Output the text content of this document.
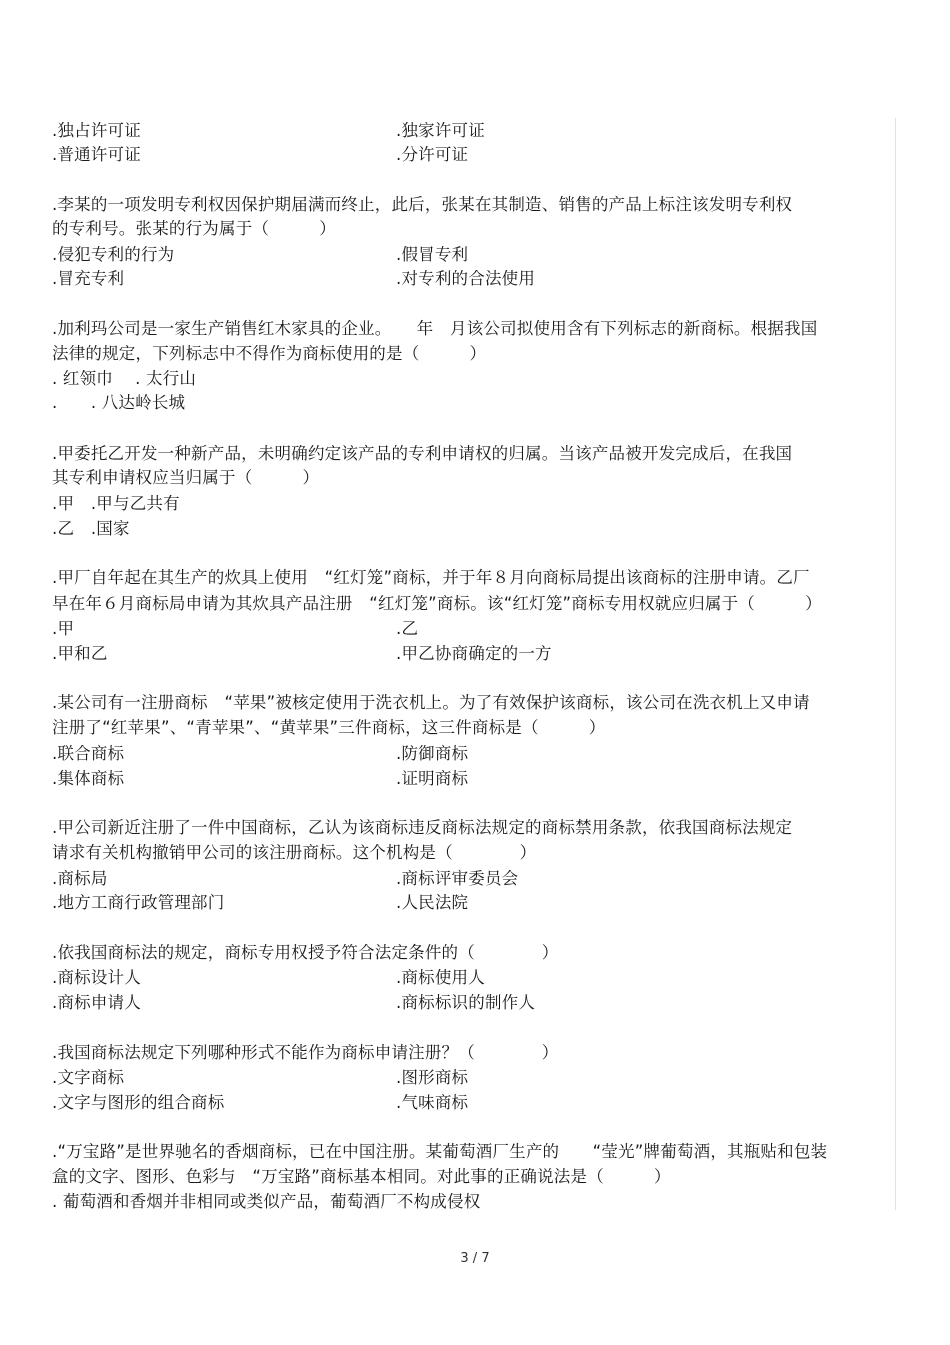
.独占许可证	.独家许可证
.普通许可证	.分许可证
.李某的一项发明专利权因保护期届满而终止，此后，张某在其制造、销售的产品上标注该发明专利权
的专利号。张某的行为属于（　　　）
.侵犯专利的行为	.假冒专利
.冒充专利	.对专利的合法使用
.加利玛公司是一家生产销售红木家具的企业。　　年　月该公司拟使用含有下列标志的新商标。根据我国
法律的规定，下列标志中不得作为商标使用的是（　　　）
. 红领巾　 . 太行山
.　　. 八达岭长城
.甲委托乙开发一种新产品，未明确约定该产品的专利申请权的归属。当该产品被开发完成后，在我国
其专利申请权应当归属于（　　　）
.甲　.甲与乙共有
.乙　.国家
.甲厂自年起在其生产的炊具上使用　“红灯笼”商标，并于年８月向商标局提出该商标的注册申请。乙厂
早在年６月商标局申请为其炊具产品注册　“红灯笼”商标。该“红灯笼”商标专用权就应归属于（　　　）
.甲	.乙
.甲和乙	.甲乙协商确定的一方
.某公司有一注册商标　“苹果”被核定使用于洗衣机上。为了有效保护该商标，该公司在洗衣机上又申请
注册了“红苹果”、“青苹果”、“黄苹果”三件商标，这三件商标是（　　　）
.联合商标	.防御商标
.集体商标	.证明商标
.甲公司新近注册了一件中国商标，乙认为该商标违反商标法规定的商标禁用条款，依我国商标法规定
请求有关机构撤销甲公司的该注册商标。这个机构是（　　　　）
.商标局	.商标评审委员会
.地方工商行政管理部门	.人民法院
.依我国商标法的规定，商标专用权授予符合法定条件的（　　　　）
.商标设计人	.商标使用人
.商标申请人	.商标标识的制作人
.我国商标法规定下列哪种形式不能作为商标申请注册？（　　　　）
.文字商标	.图形商标
.文字与图形的组合商标	.气味商标
.“万宝路”是世界驰名的香烟商标，已在中国注册。某葡萄酒厂生产的　　“莹光”牌葡萄酒，其瓶贴和包装
盒的文字、图形、色彩与　“万宝路”商标基本相同。对此事的正确说法是（　　　）
. 葡萄酒和香烟并非相同或类似产品，葡萄酒厂不构成侵权
3 / 7
